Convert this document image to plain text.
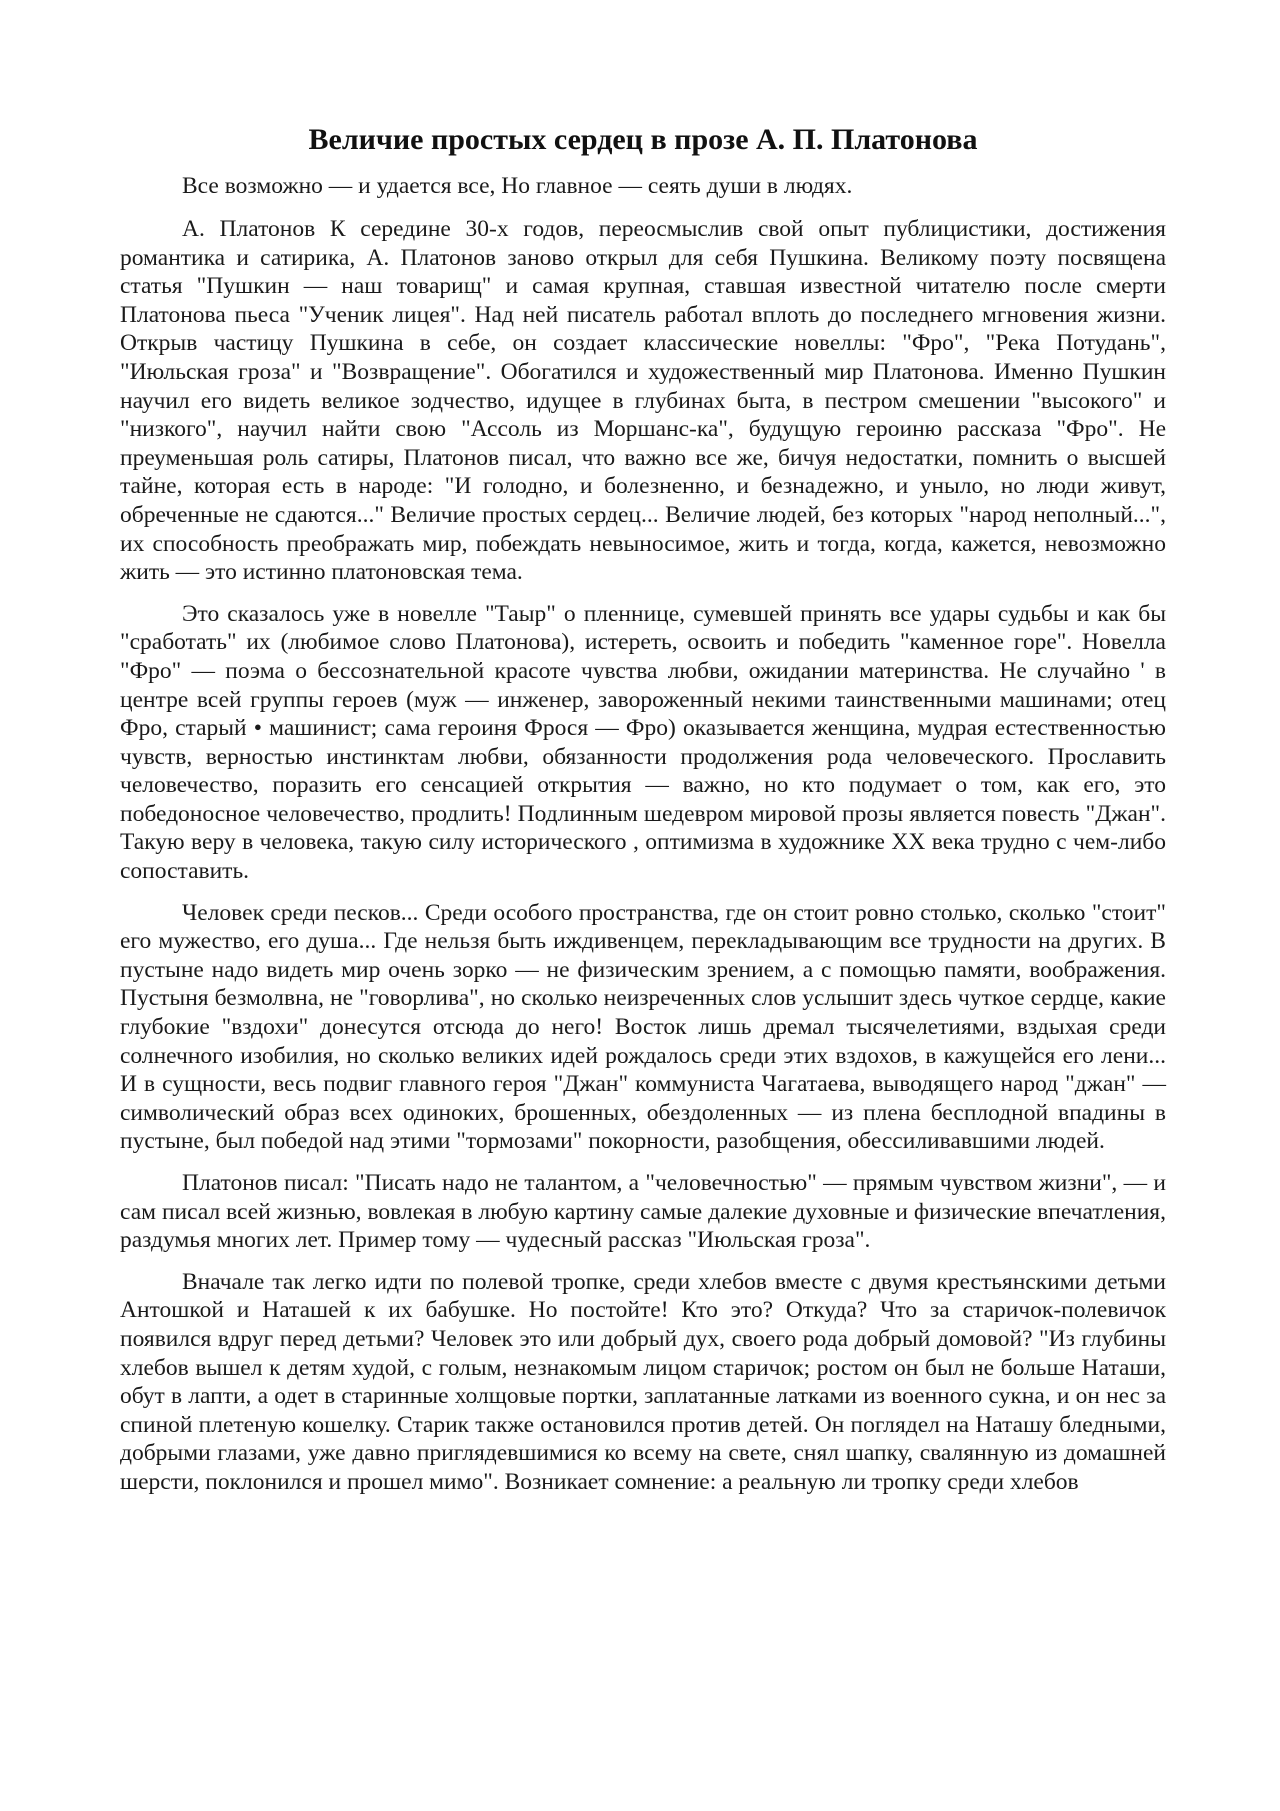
Величие простых сердец в прозе А. П. Платонова

Все возможно — и удается все, Но главное — сеять души в людях.

А. Платонов К середине 30-х годов, переосмыслив свой опыт публицистики, достижения романтика и сатирика, А. Платонов заново открыл для себя Пушкина. Великому поэту посвящена статья "Пушкин — наш товарищ" и самая крупная, ставшая известной читателю после смерти Платонова пьеса "Ученик лицея". Над ней писатель работал вплоть до последнего мгновения жизни. Открыв частицу Пушкина в себе, он создает классические новеллы: "Фро", "Река Потудань", "Июльская гроза" и "Возвращение". Обогатился и художественный мир Платонова. Именно Пушкин научил его видеть великое зодчество, идущее в глубинах быта, в пестром смешении "высокого" и "низкого", научил найти свою "Ассоль из Моршанс-ка", будущую героиню рассказа "Фро". Не преуменьшая роль сатиры, Платонов писал, что важно все же, бичуя недостатки, помнить о высшей тайне, которая есть в народе: "И голодно, и болезненно, и безнадежно, и уныло, но люди живут, обреченные не сдаются..." Величие простых сердец... Величие людей, без которых "народ неполный...", их способность преображать мир, побеждать невыносимое, жить и тогда, когда, кажется, невозможно жить — это истинно платоновская тема.

Это сказалось уже в новелле "Таыр" о пленнице, сумевшей принять все удары судьбы и как бы "сработать" их (любимое слово Платонова), истереть, освоить и победить "каменное горе". Новелла "Фро" — поэма о бессознательной красоте чувства любви, ожидании материнства. Не случайно ' в центре всей группы героев (муж — инженер, завороженный некими таинственными машинами; отец Фро, старый • машинист; сама героиня Фрося — Фро) оказывается женщина, мудрая естественностью чувств, верностью инстинктам любви, обязанности продолжения рода человеческого. Прославить человечество, поразить его сенсацией открытия — важно, но кто подумает о том, как его, это победоносное человечество, продлить! Подлинным шедевром мировой прозы является повесть "Джан". Такую веру в человека, такую силу исторического , оптимизма в художнике XX века трудно с чем-либо сопоставить.

Человек среди песков... Среди особого пространства, где он стоит ровно столько, сколько "стоит" его мужество, его душа... Где нельзя быть иждивенцем, перекладывающим все трудности на других. В пустыне надо видеть мир очень зорко — не физическим зрением, а с помощью памяти, воображения. Пустыня безмолвна, не "говорлива", но сколько неизреченных слов услышит здесь чуткое сердце, какие глубокие "вздохи" донесутся отсюда до него! Восток лишь дремал тысячелетиями, вздыхая среди солнечного изобилия, но сколько великих идей рождалось среди этих вздохов, в кажущейся его лени... И в сущности, весь подвиг главного героя "Джан" коммуниста Чагатаева, выводящего народ "джан" — символический образ всех одиноких, брошенных, обездоленных — из плена бесплодной впадины в пустыне, был победой над этими "тормозами" покорности, разобщения, обессиливавшими людей.

Платонов писал: "Писать надо не талантом, а "человечностью" — прямым чувством жизни", — и сам писал всей жизнью, вовлекая в любую картину самые далекие духовные и физические впечатления, раздумья многих лет. Пример тому — чудесный рассказ "Июльская гроза".

Вначале так легко идти по полевой тропке, среди хлебов вместе с двумя крестьянскими детьми Антошкой и Наташей к их бабушке. Но постойте! Кто это? Откуда? Что за старичок-полевичок появился вдруг перед детьми? Человек это или добрый дух, своего рода добрый домовой? "Из глубины хлебов вышел к детям худой, с голым, незнакомым лицом старичок; ростом он был не больше Наташи, обут в лапти, а одет в старинные холщовые портки, заплатанные латками из военного сукна, и он нес за спиной плетеную кошелку. Старик также остановился против детей. Он поглядел на Наташу бледными, добрыми глазами, уже давно приглядевшимися ко всему на свете, снял шапку, свалянную из домашней шерсти, поклонился и прошел мимо". Возникает сомнение: а реальную ли тропку среди хлебов
